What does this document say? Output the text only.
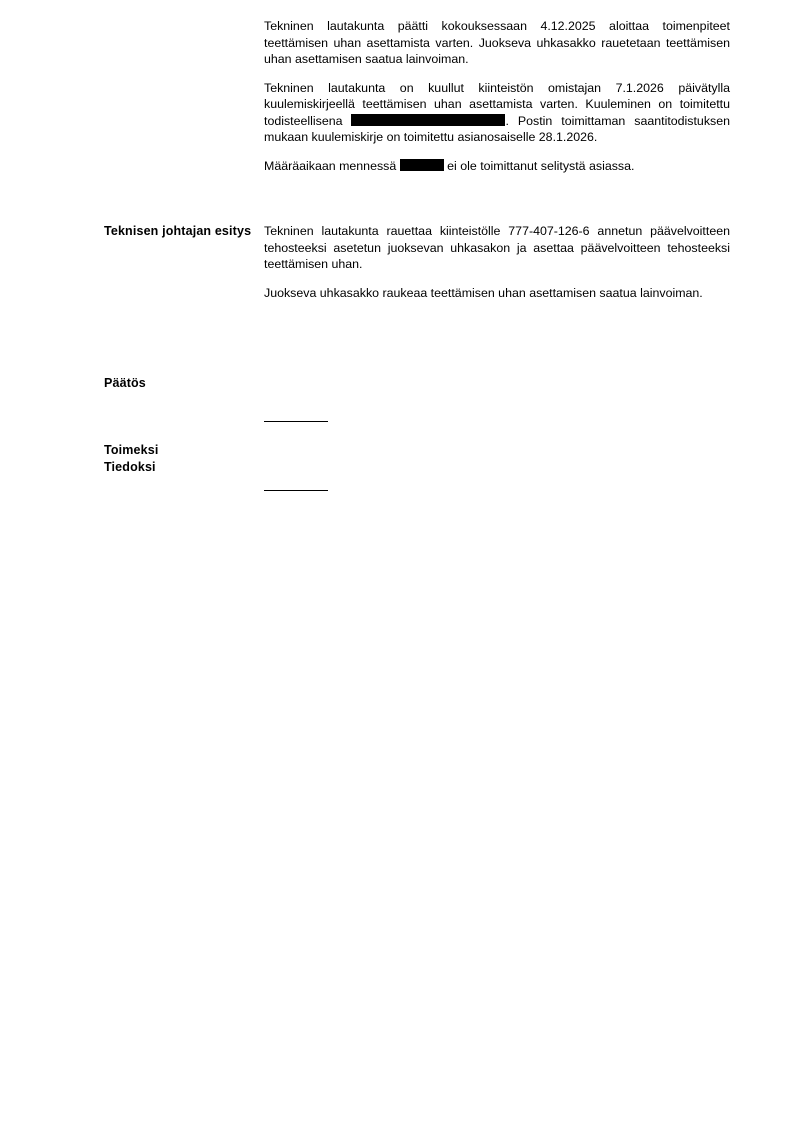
Tekninen lautakunta päätti kokouksessaan 4.12.2025 aloittaa toimenpiteet teettämisen uhan asettamista varten. Juokseva uhkasakko rauetetaan teettämisen uhan asettamisen saatua lainvoiman.

Tekninen lautakunta on kuullut kiinteistön omistajan 7.1.2026 päivätylla kuulemiskirjeellä teettämisen uhan asettamista varten. Kuuleminen on toimitettu todisteellisena	. Postin toimittaman saantitodistuksen mukaan kuulemiskirje on toimitettu asianosaiselle 28.1.2026.

Määräaikaan mennessä	ei ole toimittanut selitystä asiassa.

Teknisen johtajan esitys Tekninen lautakunta rauettaa kiinteistölle 777-407-126-6 annetun päävelvoitteen tehosteeksi asetetun juoksevan uhkasakon ja asettaa päävelvoitteen tehosteeksi teettämisen uhan.

Juokseva uhkasakko raukeaa teettämisen uhan asettamisen saatua lainvoiman.

Päätös
Toimeksi
Tiedoksi
